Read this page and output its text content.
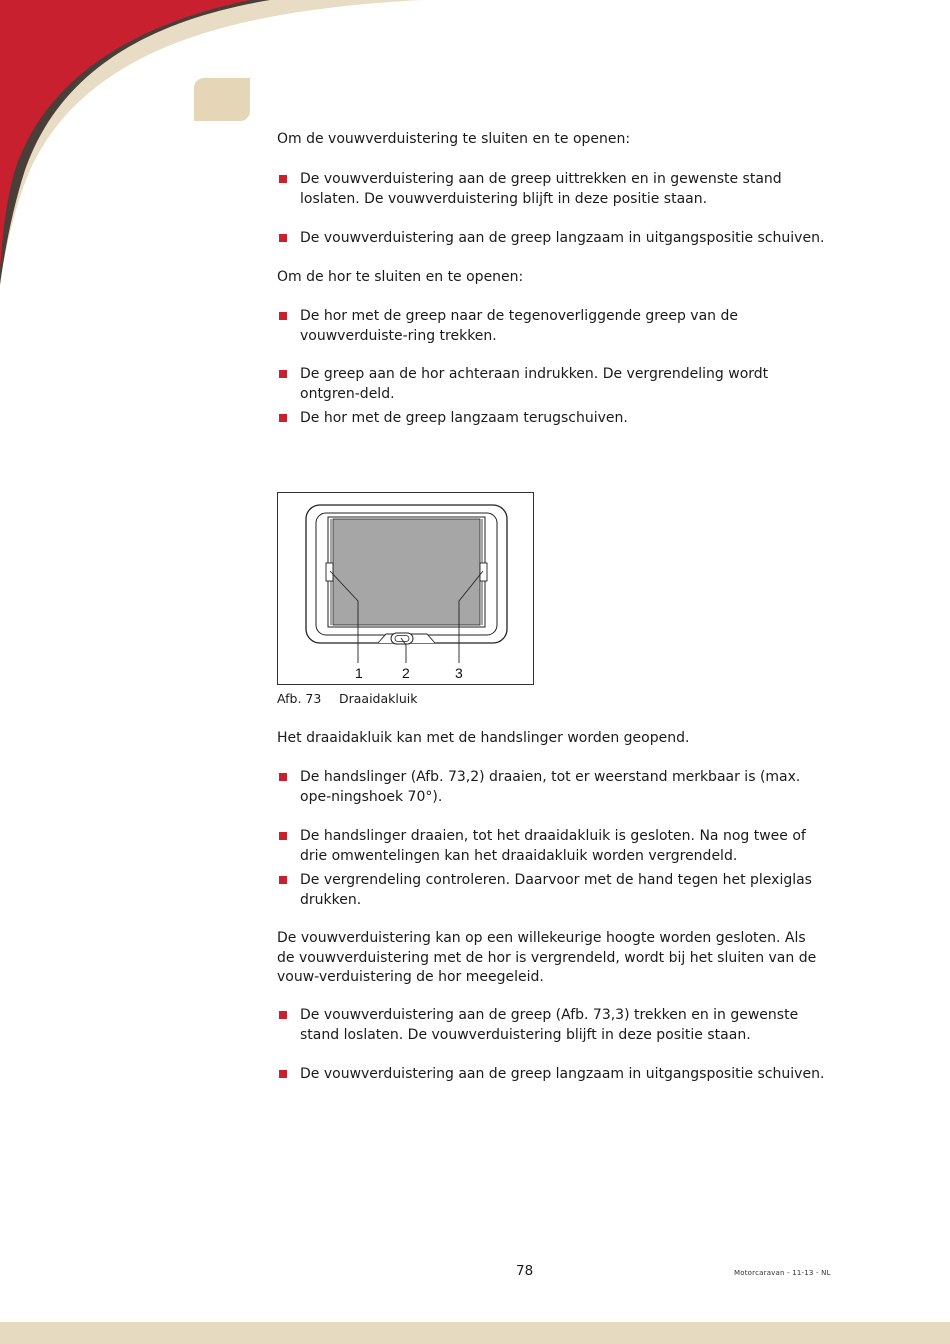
Om de vouwverduistering te sluiten en te openen:

De vouwverduistering aan de greep uittrekken en in gewenste stand loslaten. De vouwverduistering blijft in deze positie staan.
De vouwverduistering aan de greep langzaam in uitgangspositie schuiven.

Om de hor te sluiten en te openen:

De hor met de greep naar de tegenoverliggende greep van de vouwverduiste-ring trekken.
De greep aan de hor achteraan indrukken. De vergrendeling wordt ontgren-deld.
De hor met de greep langzaam terugschuiven.

Het draaidakluik kan met de handslinger worden geopend.

De handslinger (Afb. 73,2) draaien, tot er weerstand merkbaar is (max. ope-ningshoek 70°).
De handslinger draaien, tot het draaidakluik is gesloten. Na nog twee of drie omwentelingen kan het draaidakluik worden vergrendeld.
De vergrendeling controleren. Daarvoor met de hand tegen het plexiglas drukken.

De vouwverduistering kan op een willekeurige hoogte worden gesloten. Als de vouwverduistering met de hor is vergrendeld, wordt bij het sluiten van de vouw-verduistering de hor meegeleid.

De vouwverduistering aan de greep (Afb. 73,3) trekken en in gewenste stand loslaten. De vouwverduistering blijft in deze positie staan.
De vouwverduistering aan de greep langzaam in uitgangspositie schuiven.
1	2	3
Afb. 73 Draaidakluik
78	Motorcaravan - 11-13 - NL
